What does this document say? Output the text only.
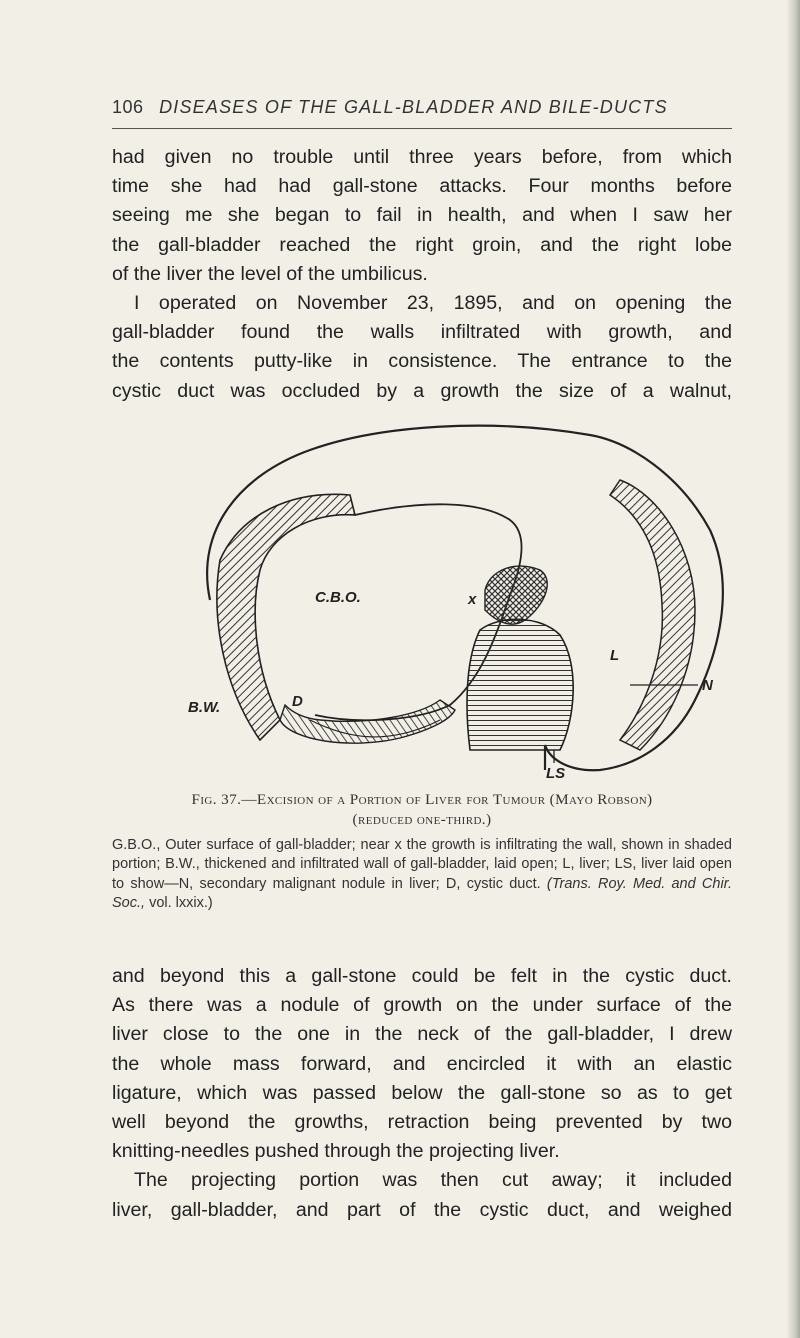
106 DISEASES OF THE GALL-BLADDER AND BILE-DUCTS

had given no trouble until three years before, from which

time she had had gall-stone attacks. Four months before

seeing me she began to fail in health, and when I saw her

the gall-bladder reached the right groin, and the right lobe

of the liver the level of the umbilicus.

I operated on November 23, 1895, and on opening the

gall-bladder found the walls infiltrated with growth, and

the contents putty-like in consistence. The entrance to the

cystic duct was occluded by a growth the size of a walnut,

C.B.O.	x
L
N
B.W.	D
LS
Fig. 37.—Excision of a Portion of Liver for Tumour (Mayo Robson)
(reduced one-third.)

G.B.O., Outer surface of gall-bladder; near x the growth is infiltrating the wall, shown in shaded portion; B.W., thickened and infiltrated wall of gall-bladder, laid open; L, liver; LS, liver laid open to show—N, secondary malignant nodule in liver; D, cystic duct. (Trans. Roy. Med. and Chir. Soc., vol. lxxix.)

and beyond this a gall-stone could be felt in the cystic duct.

As there was a nodule of growth on the under surface of the

liver close to the one in the neck of the gall-bladder, I drew

the whole mass forward, and encircled it with an elastic

ligature, which was passed below the gall-stone so as to get

well beyond the growths, retraction being prevented by two

knitting-needles pushed through the projecting liver.

The projecting portion was then cut away; it included

liver, gall-bladder, and part of the cystic duct, and weighed
